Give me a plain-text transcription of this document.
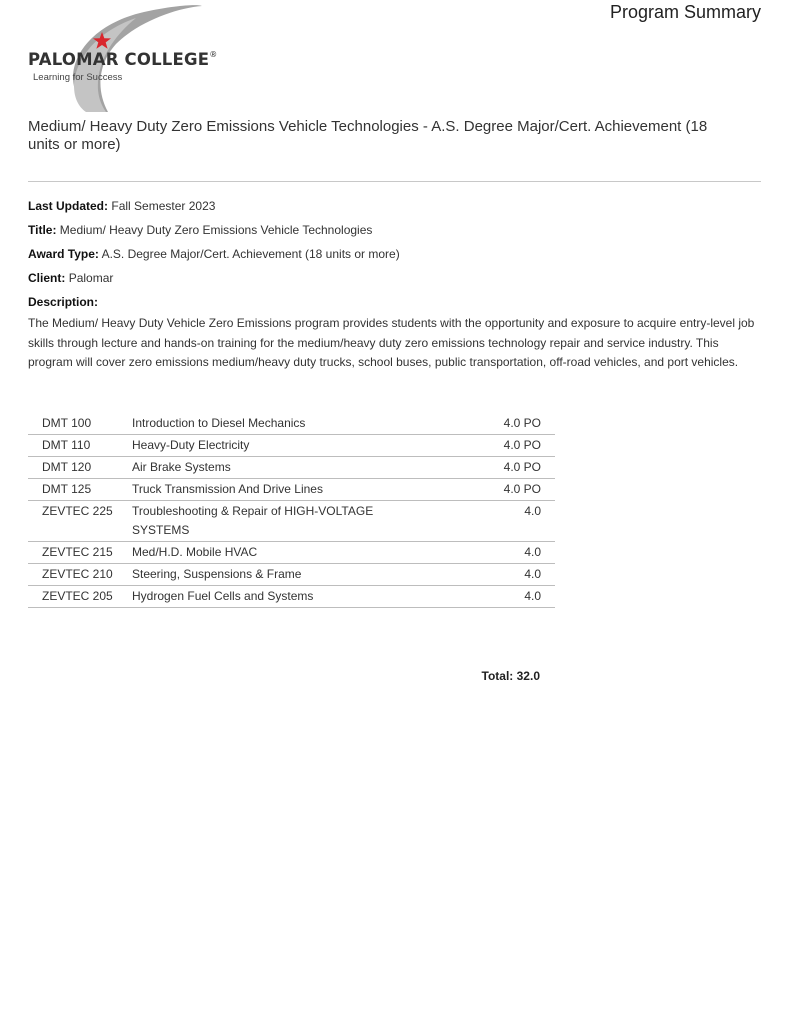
PALOMAR COLLEGE®
Learning for Success
Program Summary
Medium/ Heavy Duty Zero Emissions Vehicle Technologies - A.S. Degree Major/Cert. Achievement (18 units or more)
Last Updated: Fall Semester 2023
Title: Medium/ Heavy Duty Zero Emissions Vehicle Technologies
Award Type: A.S. Degree Major/Cert. Achievement (18 units or more)
Client: Palomar
Description:
The Medium/ Heavy Duty Vehicle Zero Emissions program provides students with the opportunity and exposure to acquire entry-level job skills through lecture and hands-on training for the medium/heavy duty zero emissions technology repair and service industry. This program will cover zero emissions medium/heavy duty trucks, school buses, public transportation, off-road vehicles, and port vehicles.
DMT 100	Introduction to Diesel Mechanics	4.0 PO
DMT 110	Heavy-Duty Electricity	4.0 PO
DMT 120	Air Brake Systems	4.0 PO
DMT 125	Truck Transmission And Drive Lines	4.0 PO
ZEVTEC 225	Troubleshooting & Repair of HIGH-VOLTAGE SYSTEMS	4.0
ZEVTEC 215	Med/H.D. Mobile HVAC	4.0
ZEVTEC 210	Steering, Suspensions & Frame	4.0
ZEVTEC 205	Hydrogen Fuel Cells and Systems	4.0
Total: 32.0
